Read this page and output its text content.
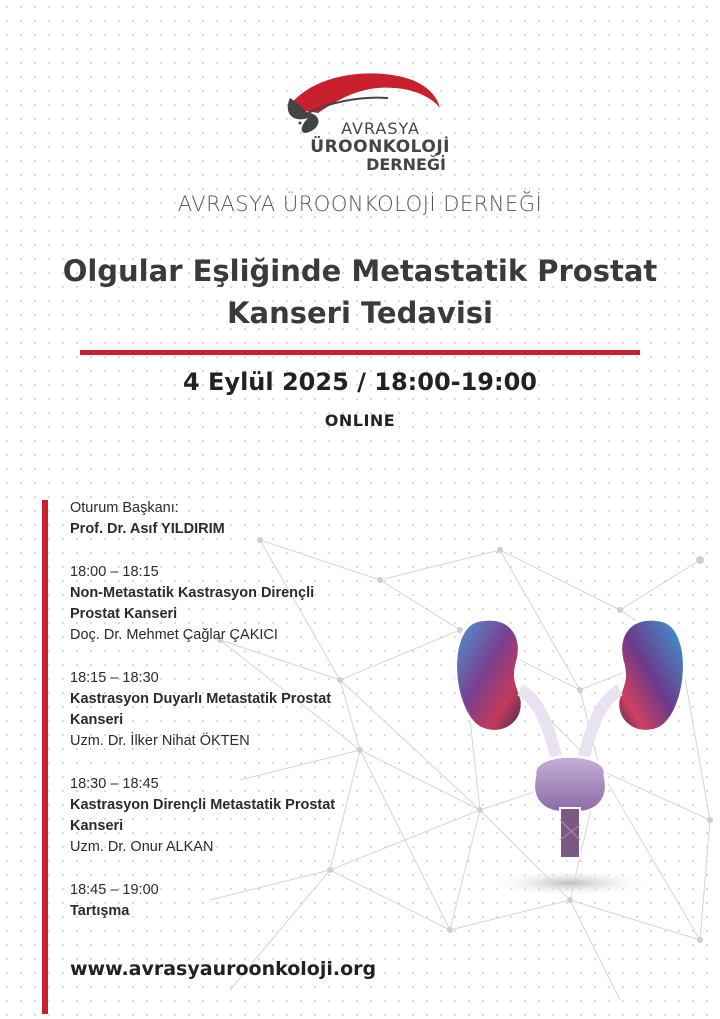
AVRASYA
ÜROONKOLOJİ
DERNEĞİ
AVRASYA ÜROONKOLOJİ DERNEĞİ
Olgular Eşliğinde Metastatik Prostat
Kanseri Tedavisi
4 Eylül 2025 / 18:00-19:00
ONLINE
Oturum Başkanı:
Prof. Dr. Asıf YILDIRIM
18:00 – 18:15
Non-Metastatik Kastrasyon Dirençli
Prostat Kanseri
Doç. Dr. Mehmet Çağlar ÇAKICI
18:15 – 18:30
Kastrasyon Duyarlı Metastatik Prostat
Kanseri
Uzm. Dr. İlker Nihat ÖKTEN
18:30 – 18:45
Kastrasyon Dirençli Metastatik Prostat
Kanseri
Uzm. Dr. Onur ALKAN
18:45 – 19:00
Tartışma
www.avrasyauroonkoloji.org
